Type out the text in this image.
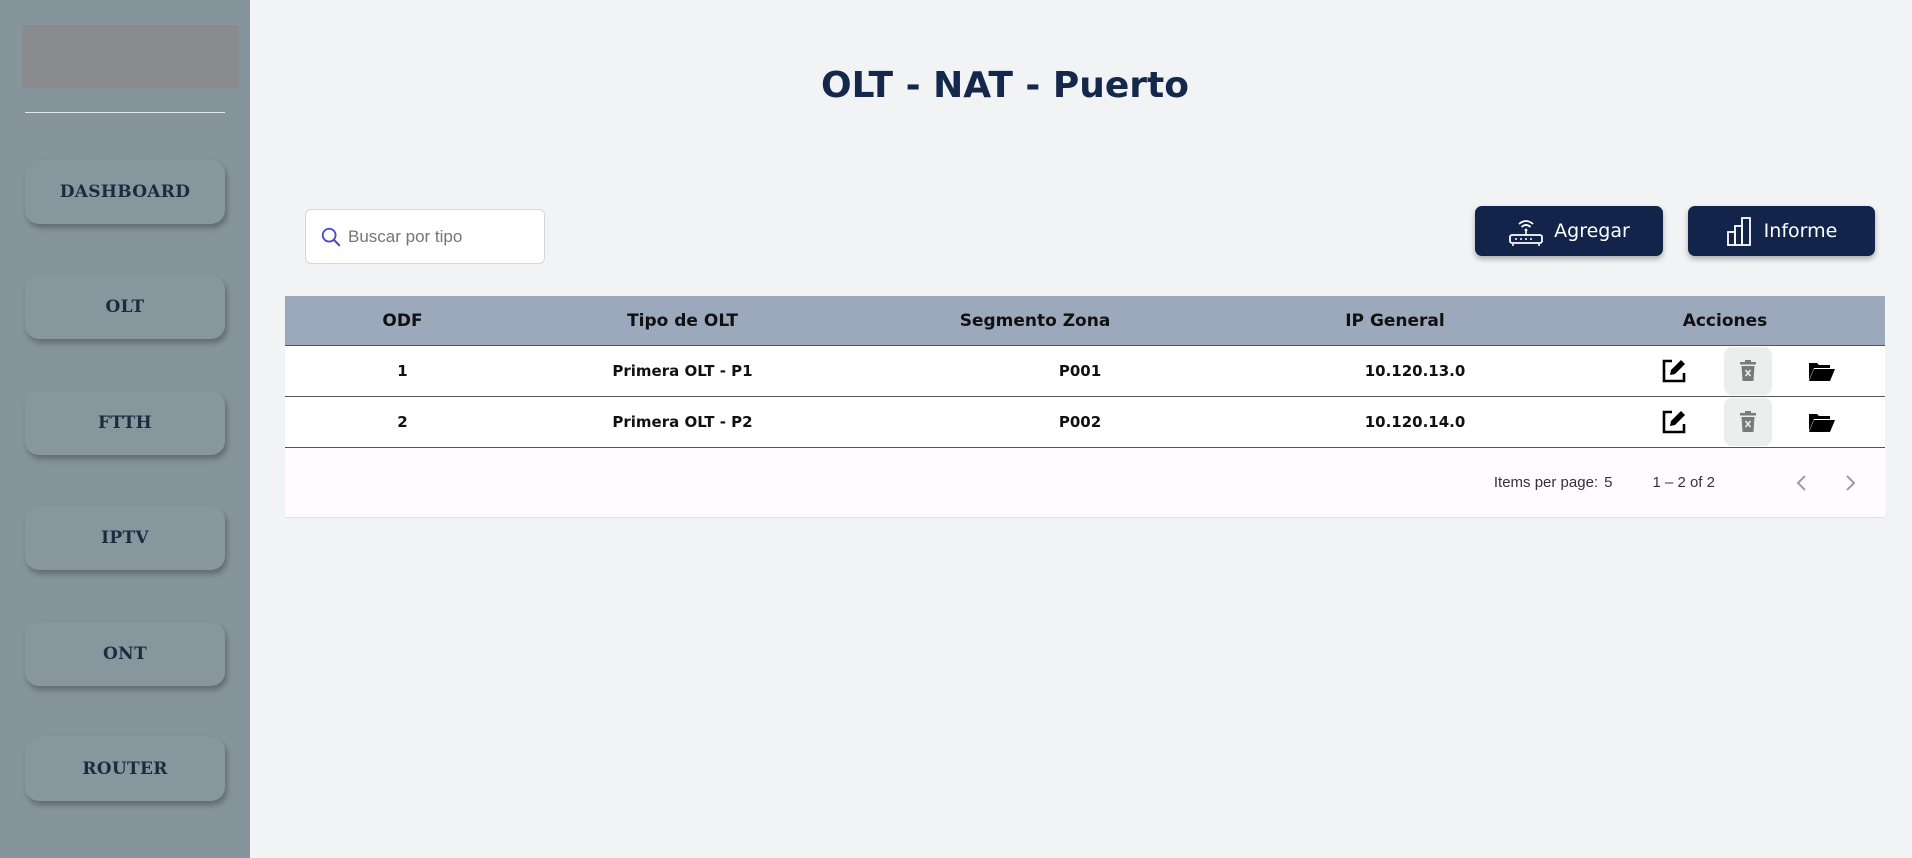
DASHBOARD
OLT
FTTH
IPTV
ONT
ROUTER
OLT - NAT - Puerto
Buscar por tipo
Agregar	Informe
ODF	Tipo de OLT	Segmento Zona	IP General	Acciones
1	Primera OLT - P1	P001	10.120.13.0
2	Primera OLT - P2	P002	10.120.14.0
Items per page: 5	1 – 2 of 2
